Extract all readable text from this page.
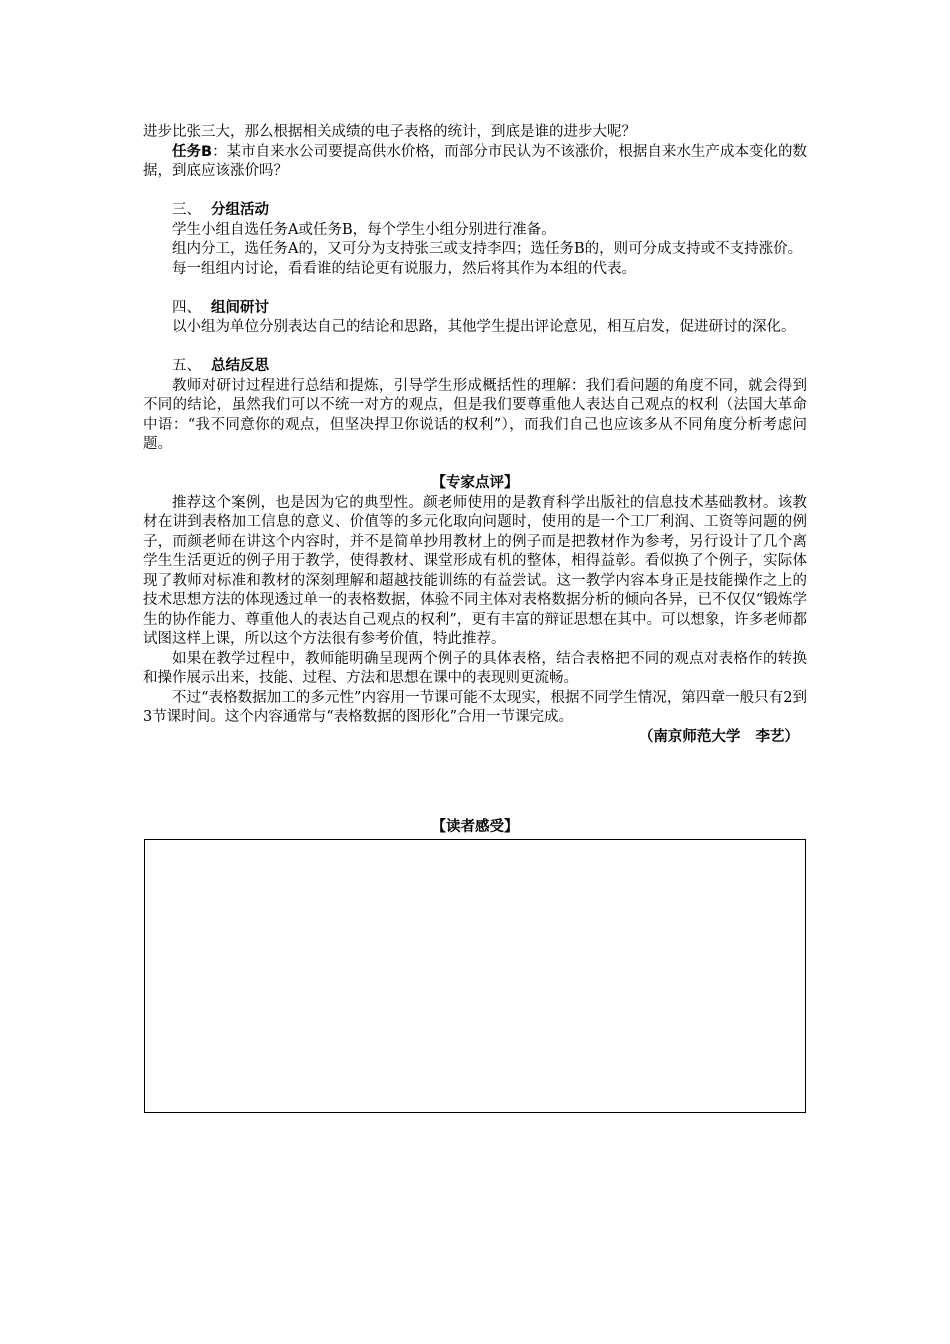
进步比张三大，那么根据相关成绩的电子表格的统计，到底是谁的进步大呢？

任务B：某市自来水公司要提高供水价格，而部分市民认为不该涨价，根据自来水生产成本变化的数据，到底应该涨价吗？

三、 分组活动

学生小组自选任务A或任务B，每个学生小组分别进行准备。

组内分工，选任务A的，又可分为支持张三或支持李四；选任务B的，则可分成支持或不支持涨价。

每一组组内讨论，看看谁的结论更有说服力，然后将其作为本组的代表。

四、 组间研讨

以小组为单位分别表达自己的结论和思路，其他学生提出评论意见，相互启发，促进研讨的深化。

五、 总结反思

教师对研讨过程进行总结和提炼，引导学生形成概括性的理解：我们看问题的角度不同，就会得到不同的结论，虽然我们可以不统一对方的观点，但是我们要尊重他人表达自己观点的权利（法国大革命中语：“我不同意你的观点，但坚决捍卫你说话的权利”），而我们自己也应该多从不同角度分析考虑问题。

【专家点评】

推荐这个案例，也是因为它的典型性。颜老师使用的是教育科学出版社的信息技术基础教材。该教材在讲到表格加工信息的意义、价值等的多元化取向问题时，使用的是一个工厂利润、工资等问题的例子，而颜老师在讲这个内容时，并不是简单抄用教材上的例子而是把教材作为参考，另行设计了几个离学生生活更近的例子用于教学，使得教材、课堂形成有机的整体，相得益彰。看似换了个例子，实际体现了教师对标准和教材的深刻理解和超越技能训练的有益尝试。这一教学内容本身正是技能操作之上的技术思想方法的体现透过单一的表格数据，体验不同主体对表格数据分析的倾向各异，已不仅仅“锻炼学生的协作能力、尊重他人的表达自己观点的权利”，更有丰富的辩证思想在其中。可以想象，许多老师都试图这样上课，所以这个方法很有参考价值，特此推荐。

如果在教学过程中，教师能明确呈现两个例子的具体表格，结合表格把不同的观点对表格作的转换和操作展示出来，技能、过程、方法和思想在课中的表现则更流畅。

不过“表格数据加工的多元性”内容用一节课可能不太现实，根据不同学生情况，第四章一般只有2到3节课时间。这个内容通常与“表格数据的图形化”合用一节课完成。

（南京师范大学   李艺）
【读者感受】
